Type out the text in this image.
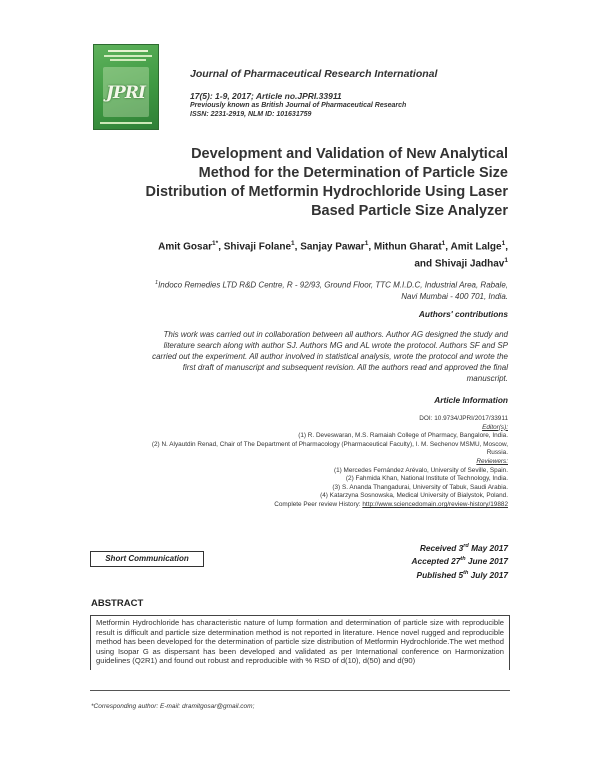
JPRI
Journal of Pharmaceutical Research International
17(5): 1-9, 2017; Article no.JPRI.33911
Previously known as British Journal of Pharmaceutical Research
ISSN: 2231-2919, NLM ID: 101631759
Development and Validation of New Analytical
Method for the Determination of Particle Size
Distribution of Metformin Hydrochloride Using Laser
Based Particle Size Analyzer
Amit Gosar$^{1*}$, Shivaji Folane$^1$, Sanjay Pawar$^1$, Mithun Gharat$^1$, Amit Lalge$^1$,
and Shivaji Jadhav$^1$
$^1$Indoco Remedies LTD R&D Centre, R - 92/93, Ground Floor, TTC M.I.D.C, Industrial Area, Rabale,
Navi Mumbai - 400 701, India.
Authors' contributions
This work was carried out in collaboration between all authors. Author AG designed the study and
literature search along with author SJ. Authors MG and AL wrote the protocol. Authors SF and SP
carried out the experiment. All author involved in statistical analysis, wrote the protocol and wrote the
first draft of manuscript and subsequent revision. All the authors read and approved the final
manuscript.
Article Information
DOI: 10.9734/JPRI/2017/33911
Editor(s):
(1) R. Deveswaran, M.S. Ramaiah College of Pharmacy, Bangalore, India.
(2) N. Alyautdin Renad, Chair of The Department of Pharmacology (Pharmaceutical Faculty), I. M. Sechenov MSMU, Moscow,
Russia.
Reviewers:
(1) Mercedes Fernández Arévalo, University of Seville, Spain.
(2) Fahmida Khan, National Institute of Technology, India.
(3) S. Ananda Thangadurai, University of Tabuk, Saudi Arabia.
(4) Katarzyna Sosnowska, Medical University of Bialystok, Poland.
Complete Peer review History: http://www.sciencedomain.org/review-history/19882
Short Communication
Received 3rd May 2017
Accepted 27th June 2017
Published 5th July 2017
ABSTRACT
Metformin Hydrochloride has characteristic nature of lump formation and determination of particle size with reproducible result is difficult and particle size determination method is not reported in literature. Hence novel rugged and reproducible method has been developed for the determination of particle size distribution of Metformin Hydrochloride.The wet method using Isopar G as dispersant has been developed and validated as per International conference on Harmonization guidelines (Q2R1) and found out robust and reproducible with % RSD of d(10), d(50) and d(90)
*Corresponding author: E-mail: dramitgosar@gmail.com;
